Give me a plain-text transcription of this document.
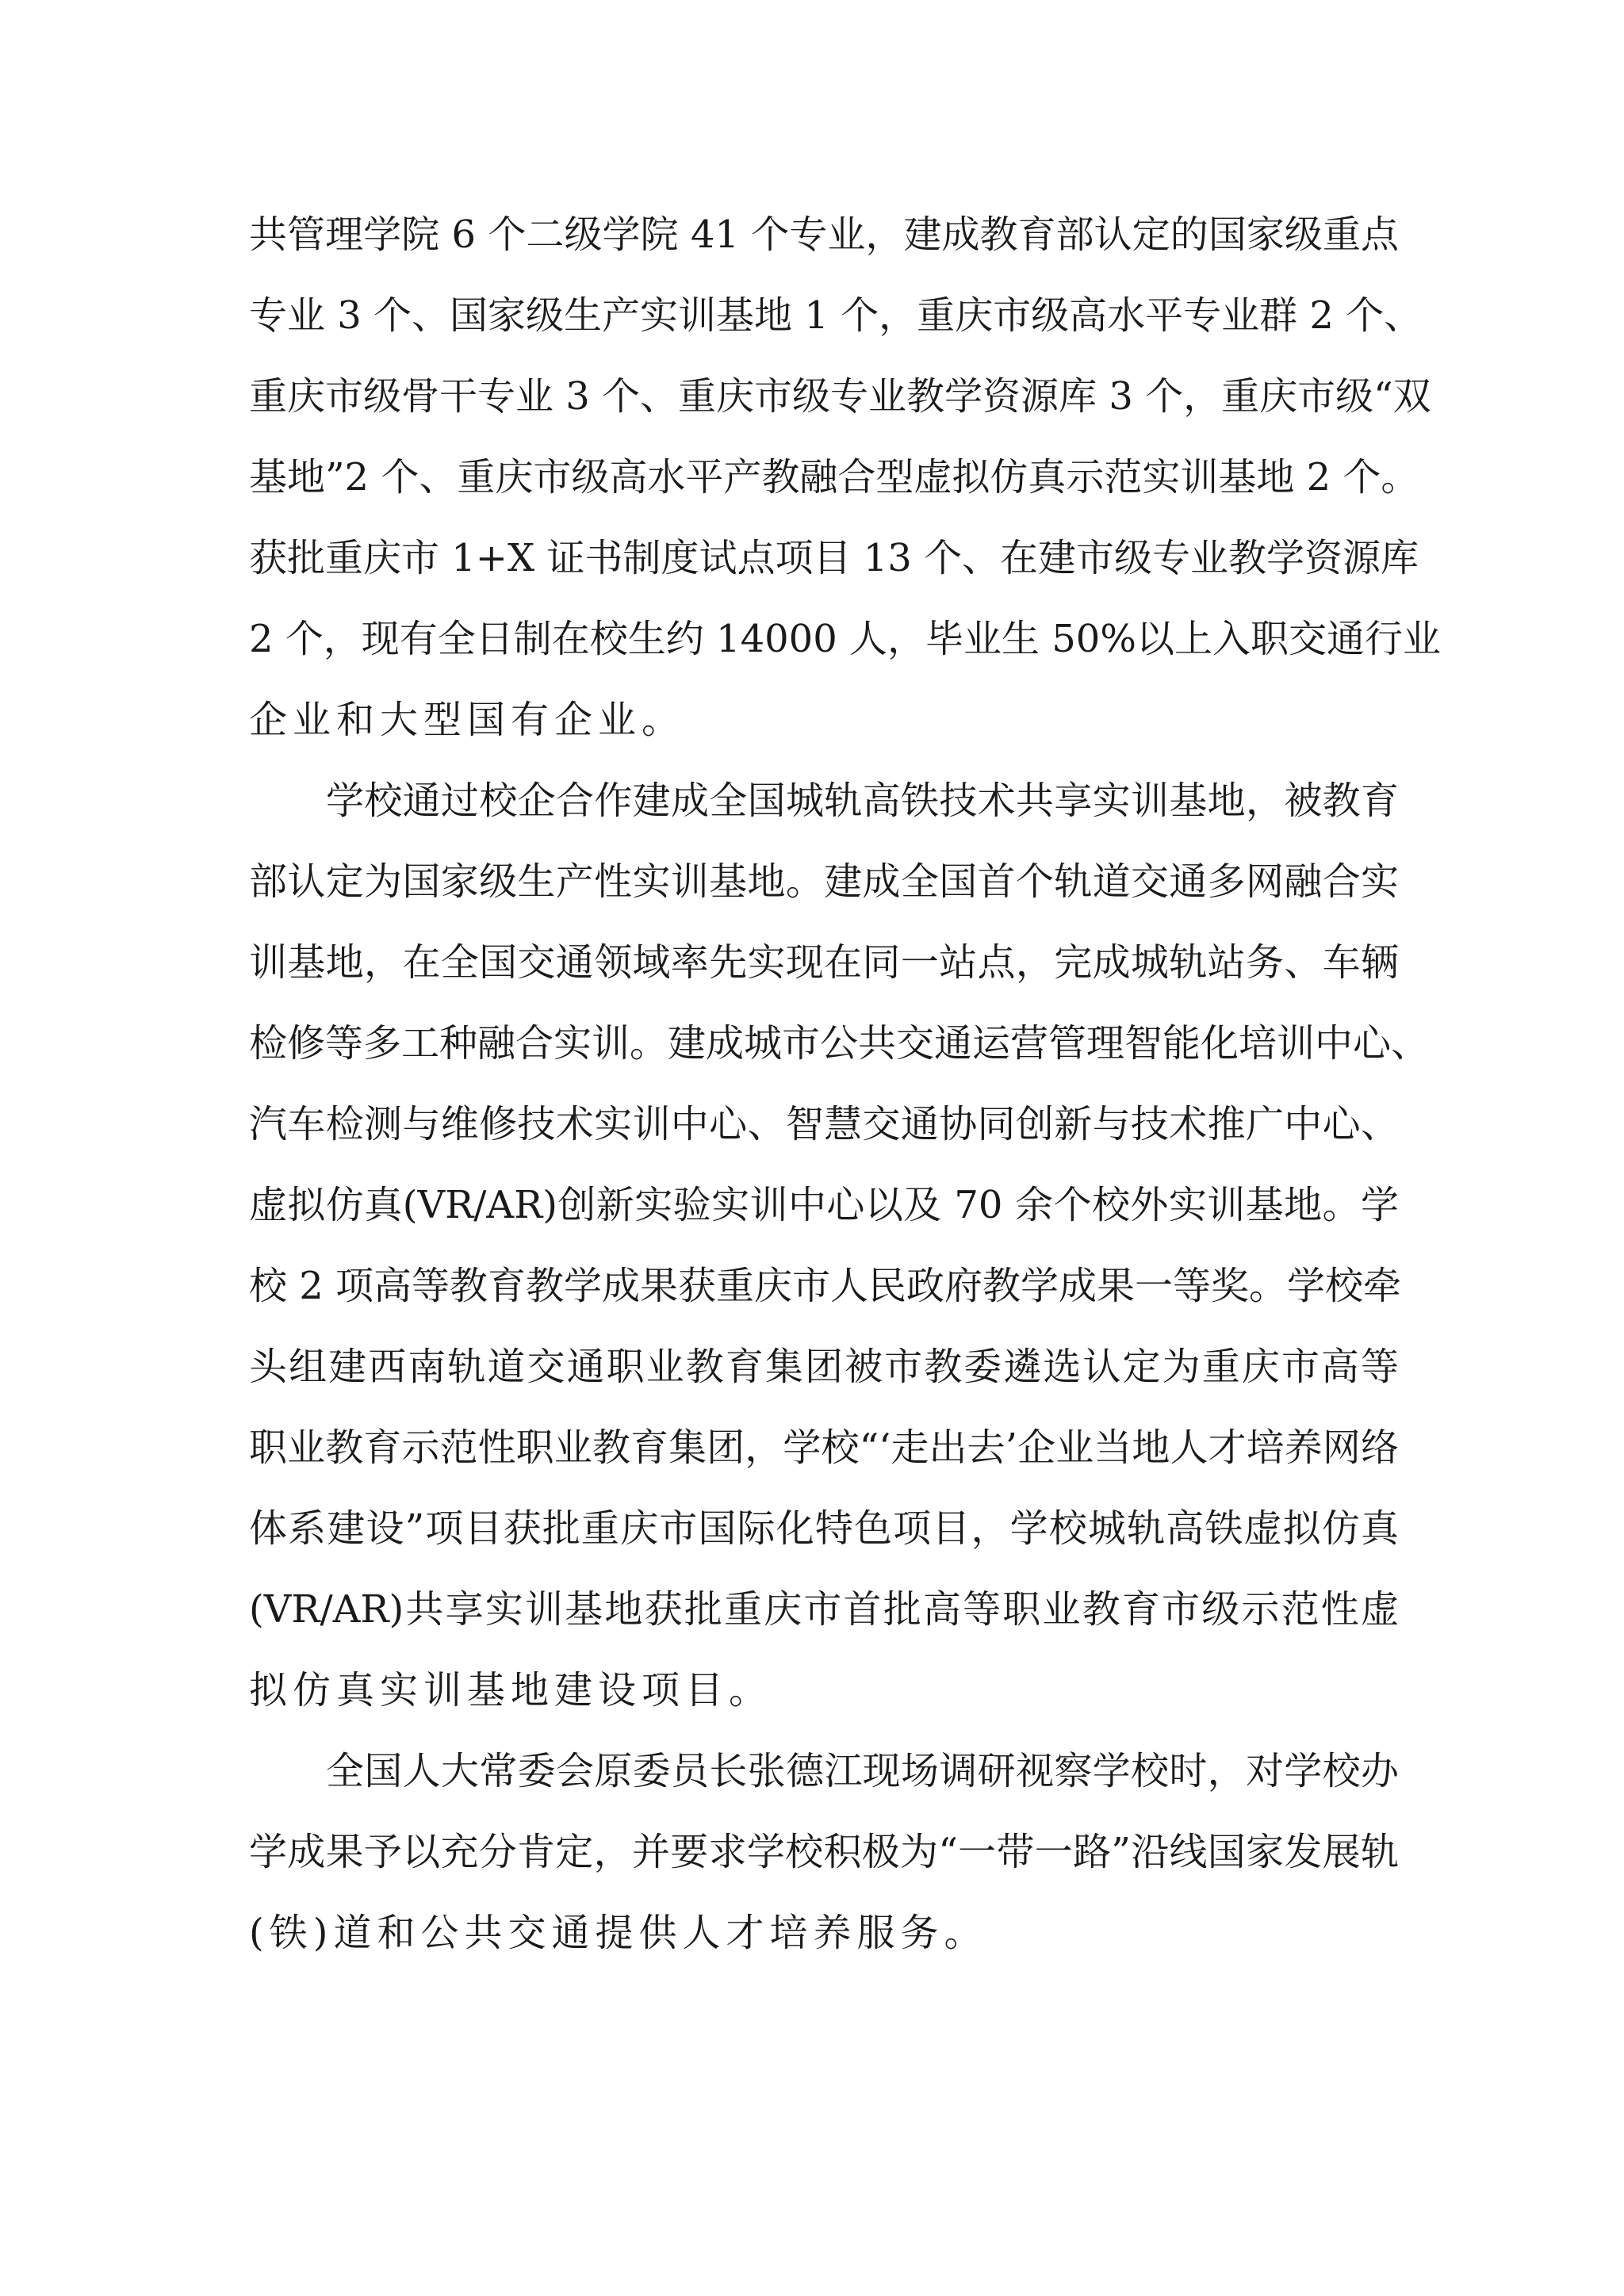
共管理学院 6 个二级学院 41 个专业，建成教育部认定的国家级重点
专业 3 个、国家级生产实训基地 1 个，重庆市级高水平专业群 2 个、
重庆市级骨干专业 3 个、重庆市级专业教学资源库 3 个，重庆市级“双
基地”2 个、重庆市级高水平产教融合型虚拟仿真示范实训基地 2 个。
获批重庆市 1+X 证书制度试点项目 13 个、在建市级专业教学资源库
2 个，现有全日制在校生约 14000 人，毕业生 50%以上入职交通行业
企业和大型国有企业。
学校通过校企合作建成全国城轨高铁技术共享实训基地，被教育
部认定为国家级生产性实训基地。建成全国首个轨道交通多网融合实
训基地，在全国交通领域率先实现在同一站点，完成城轨站务、车辆
检修等多工种融合实训。建成城市公共交通运营管理智能化培训中心、
汽车检测与维修技术实训中心、智慧交通协同创新与技术推广中心、
虚拟仿真(VR/AR)创新实验实训中心以及 70 余个校外实训基地。学
校 2 项高等教育教学成果获重庆市人民政府教学成果一等奖。学校牵
头组建西南轨道交通职业教育集团被市教委遴选认定为重庆市高等
职业教育示范性职业教育集团，学校“‘走出去’企业当地人才培养网络
体系建设”项目获批重庆市国际化特色项目，学校城轨高铁虚拟仿真
(VR/AR)共享实训基地获批重庆市首批高等职业教育市级示范性虚
拟仿真实训基地建设项目。
全国人大常委会原委员长张德江现场调研视察学校时，对学校办
学成果予以充分肯定，并要求学校积极为“一带一路”沿线国家发展轨
(铁)道和公共交通提供人才培养服务。
